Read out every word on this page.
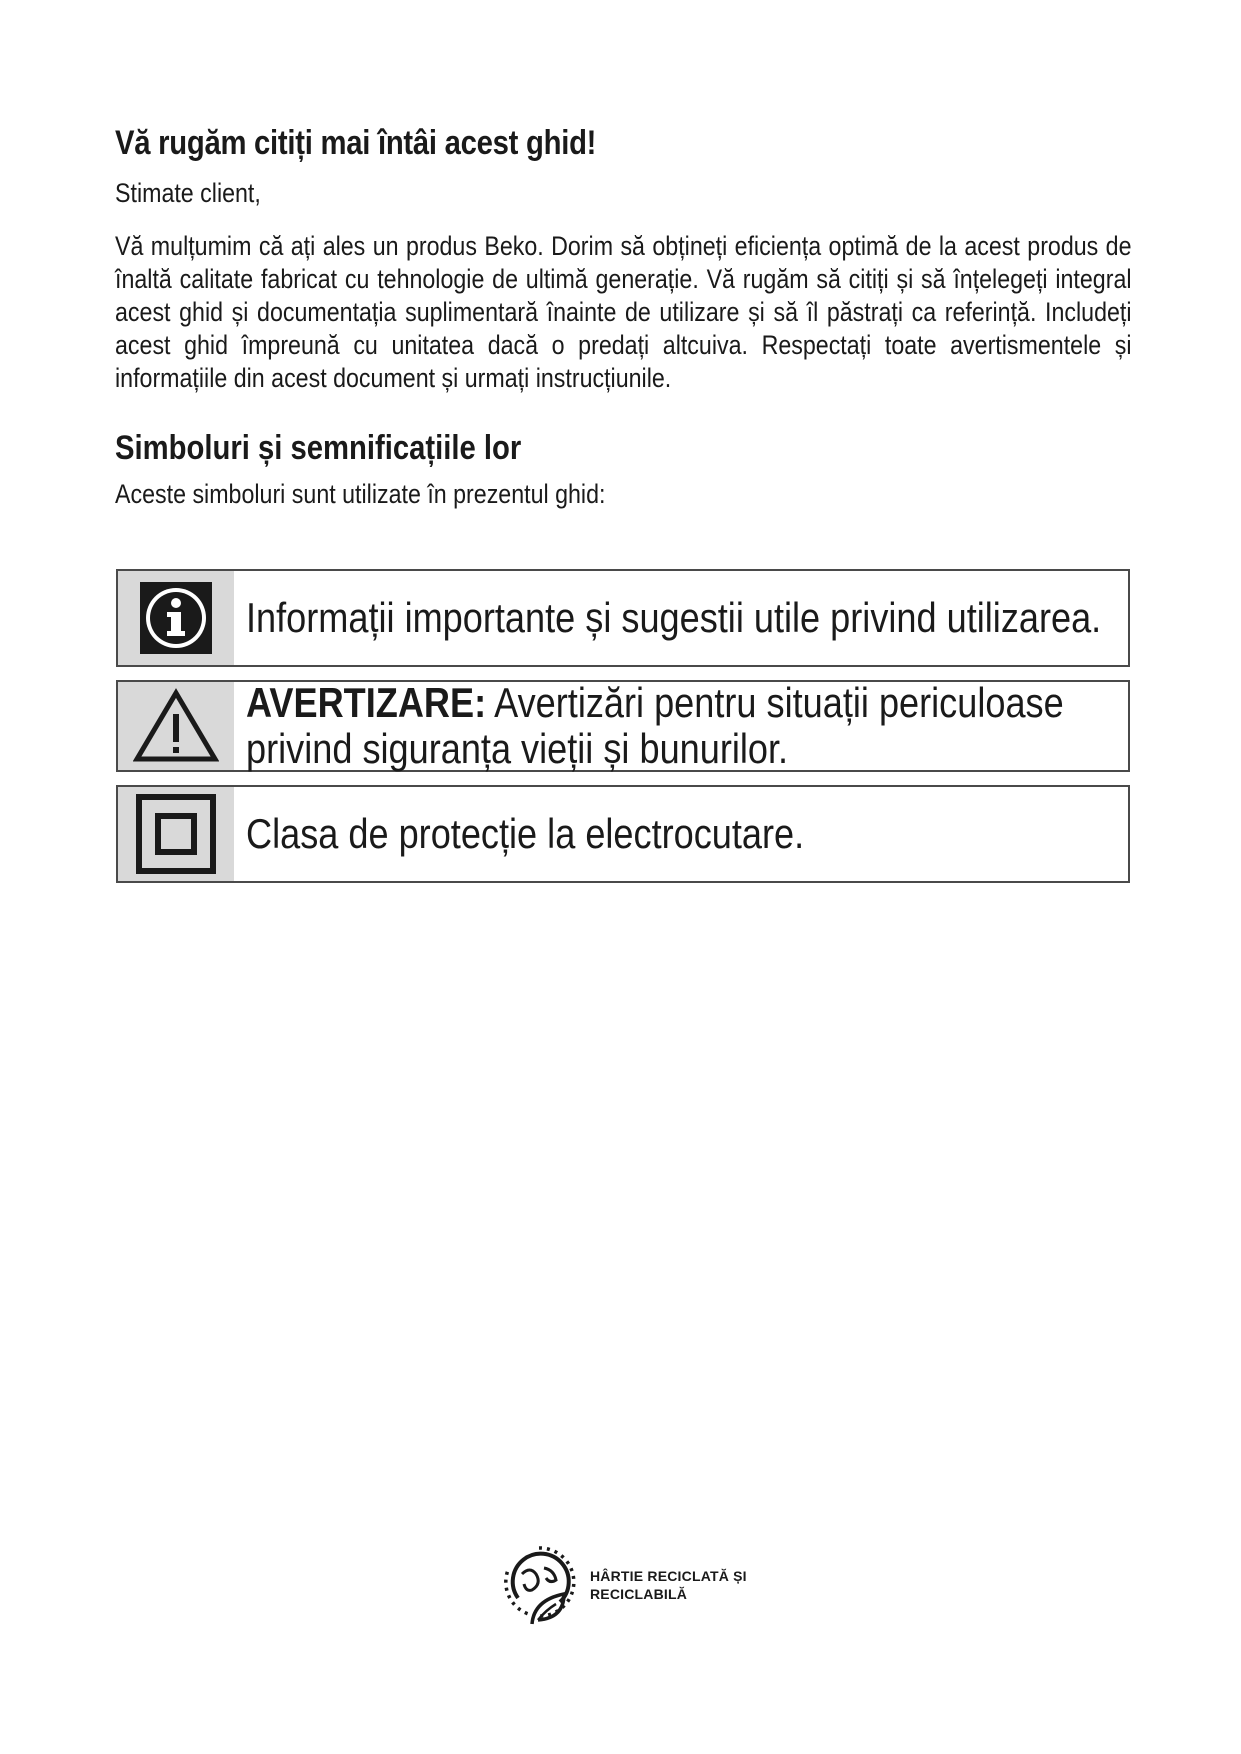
Vă rugăm citiți mai întâi acest ghid!

Stimate client,

Vă mulțumim că ați ales un produs Beko. Dorim să obțineți eficiența optimă de la acest produs de înaltă calitate fabricat cu tehnologie de ultimă generație. Vă rugăm să citiți și să înțelegeți integral acest ghid și documentația suplimentară înainte de utilizare și să îl păstrați ca referință. Includeți acest ghid împreună cu unitatea dacă o predați altcuiva. Respectați toate avertismentele și informațiile din acest document și urmați instrucțiunile.

Simboluri și semnificațiile lor

Aceste simboluri sunt utilizate în prezentul ghid:

Informații importante și sugestii utile privind utilizarea.
AVERTIZARE: Avertizări pentru situații periculoase privind siguranța vieții și bunurilor.
Clasa de protecție la electrocutare.
HÂRTIE RECICLATĂ ȘI
RECICLABILĂ
